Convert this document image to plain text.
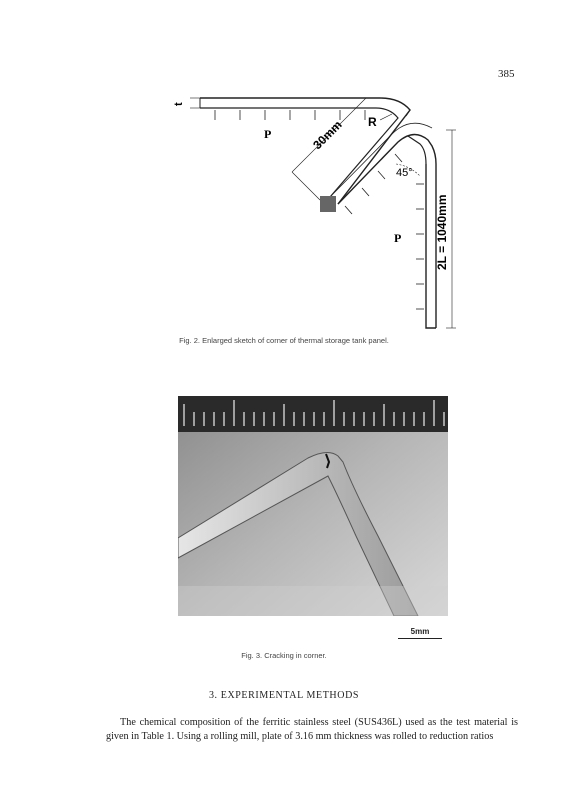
385
t
30mm R
45°
P
P	2L = 1040mm
Fig. 2. Enlarged sketch of corner of thermal storage tank panel.
5mm
Fig. 3. Cracking in corner.
3. EXPERIMENTAL METHODS

The chemical composition of the ferritic stainless steel (SUS436L) used as the test material is given in Table 1. Using a rolling mill, plate of 3.16 mm thickness was rolled to reduction ratios
